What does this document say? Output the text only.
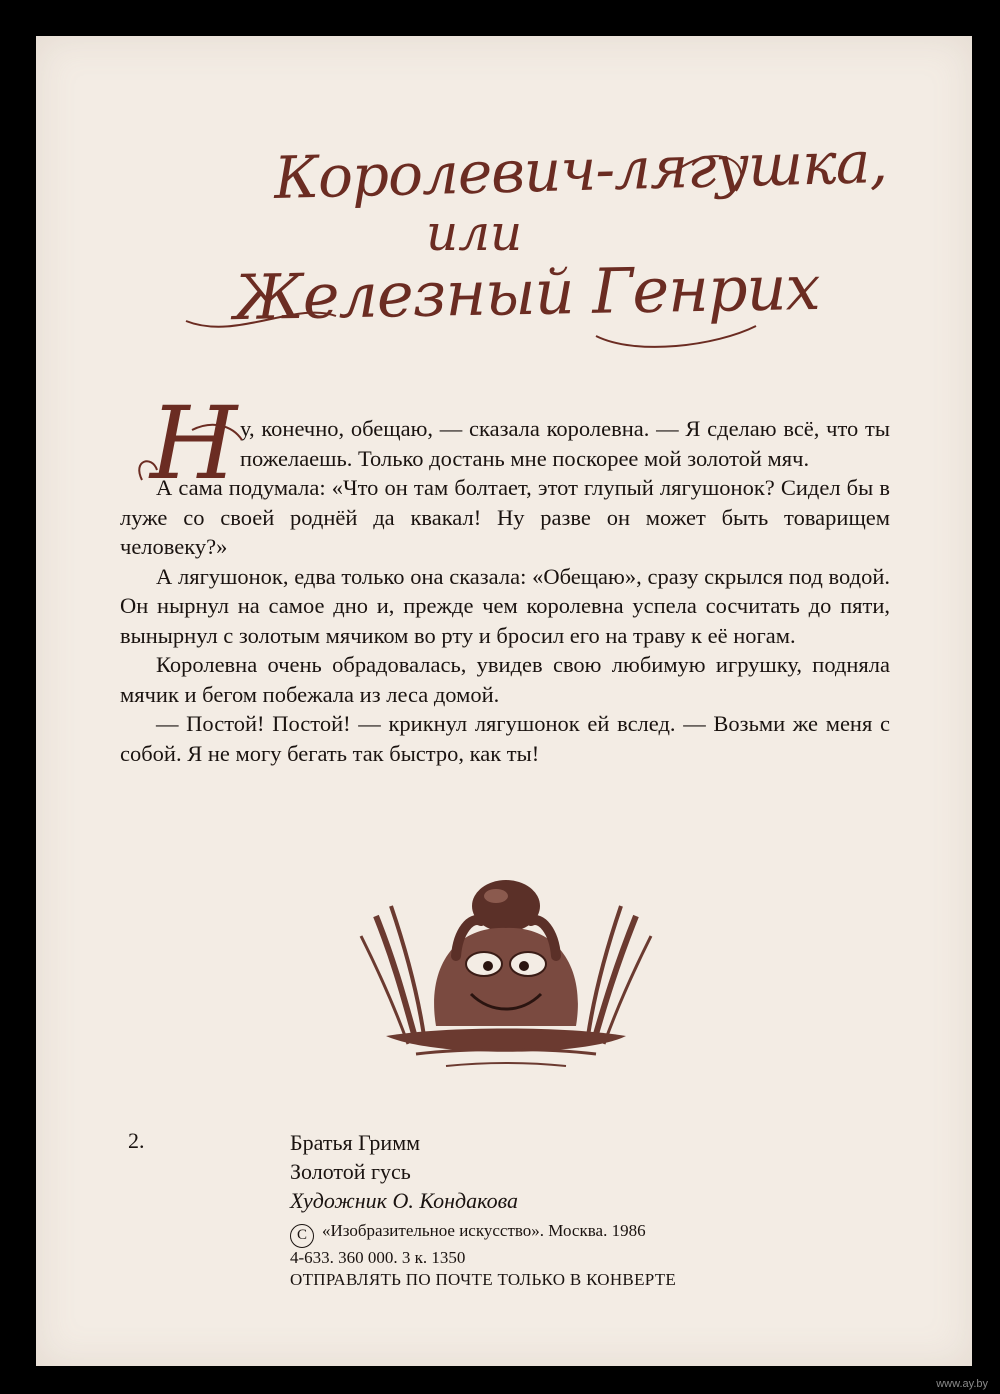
Королевич-лягушка,
или
Железный Генрих
Н у, конечно, обещаю, — сказала королевна. — Я сделаю всё, что ты пожелаешь. Только достань мне поскорее мой золотой мяч.

А сама подумала: «Что он там болтает, этот глупый лягушонок? Сидел бы в луже со своей роднёй да квакал! Ну разве он может быть товарищем человеку?»

А лягушонок, едва только она сказала: «Обещаю», сразу скрылся под водой. Он нырнул на самое дно и, прежде чем королевна успела сосчитать до пяти, вынырнул с золотым мячиком во рту и бросил его на траву к её ногам.

Королевна очень обрадовалась, увидев свою любимую игрушку, подняла мячик и бегом побежала из леса домой.

— Постой! Постой! — крикнул лягушонок ей вслед. — Возьми же меня с собой. Я не могу бегать так быстро, как ты!

2.	Братья Гримм
Золотой гусь
Художник О. Кондакова
C «Изобразительное искусство». Москва. 1986
4-633. 360 000. 3 к. 1350
ОТПРАВЛЯТЬ ПО ПОЧТЕ ТОЛЬКО В КОНВЕРТЕ
www.ay.by
